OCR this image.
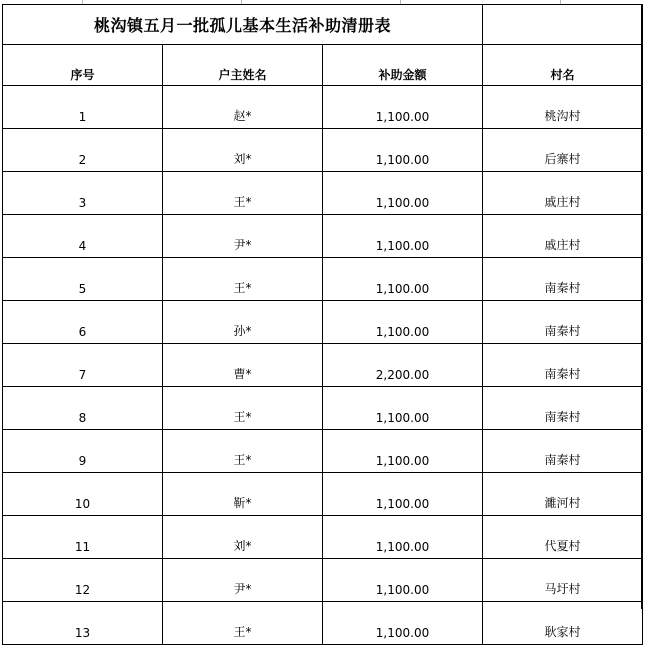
桃沟镇五月一批孤儿基本生活补助清册表			
序号	户主姓名	补助金额	村名
1	赵*	1,100.00	桃沟村
2	刘*	1,100.00	后寨村
3	王*	1,100.00	戚庄村
4	尹*	1,100.00	戚庄村
5	王*	1,100.00	南秦村
6	孙*	1,100.00	南秦村
7	曹*	2,200.00	南秦村
8	王*	1,100.00	南秦村
9	王*	1,100.00	南秦村
10	靳*	1,100.00	濉河村
11	刘*	1,100.00	代夏村
12	尹*	1,100.00	马圩村
13	王*	1,100.00	耿家村
